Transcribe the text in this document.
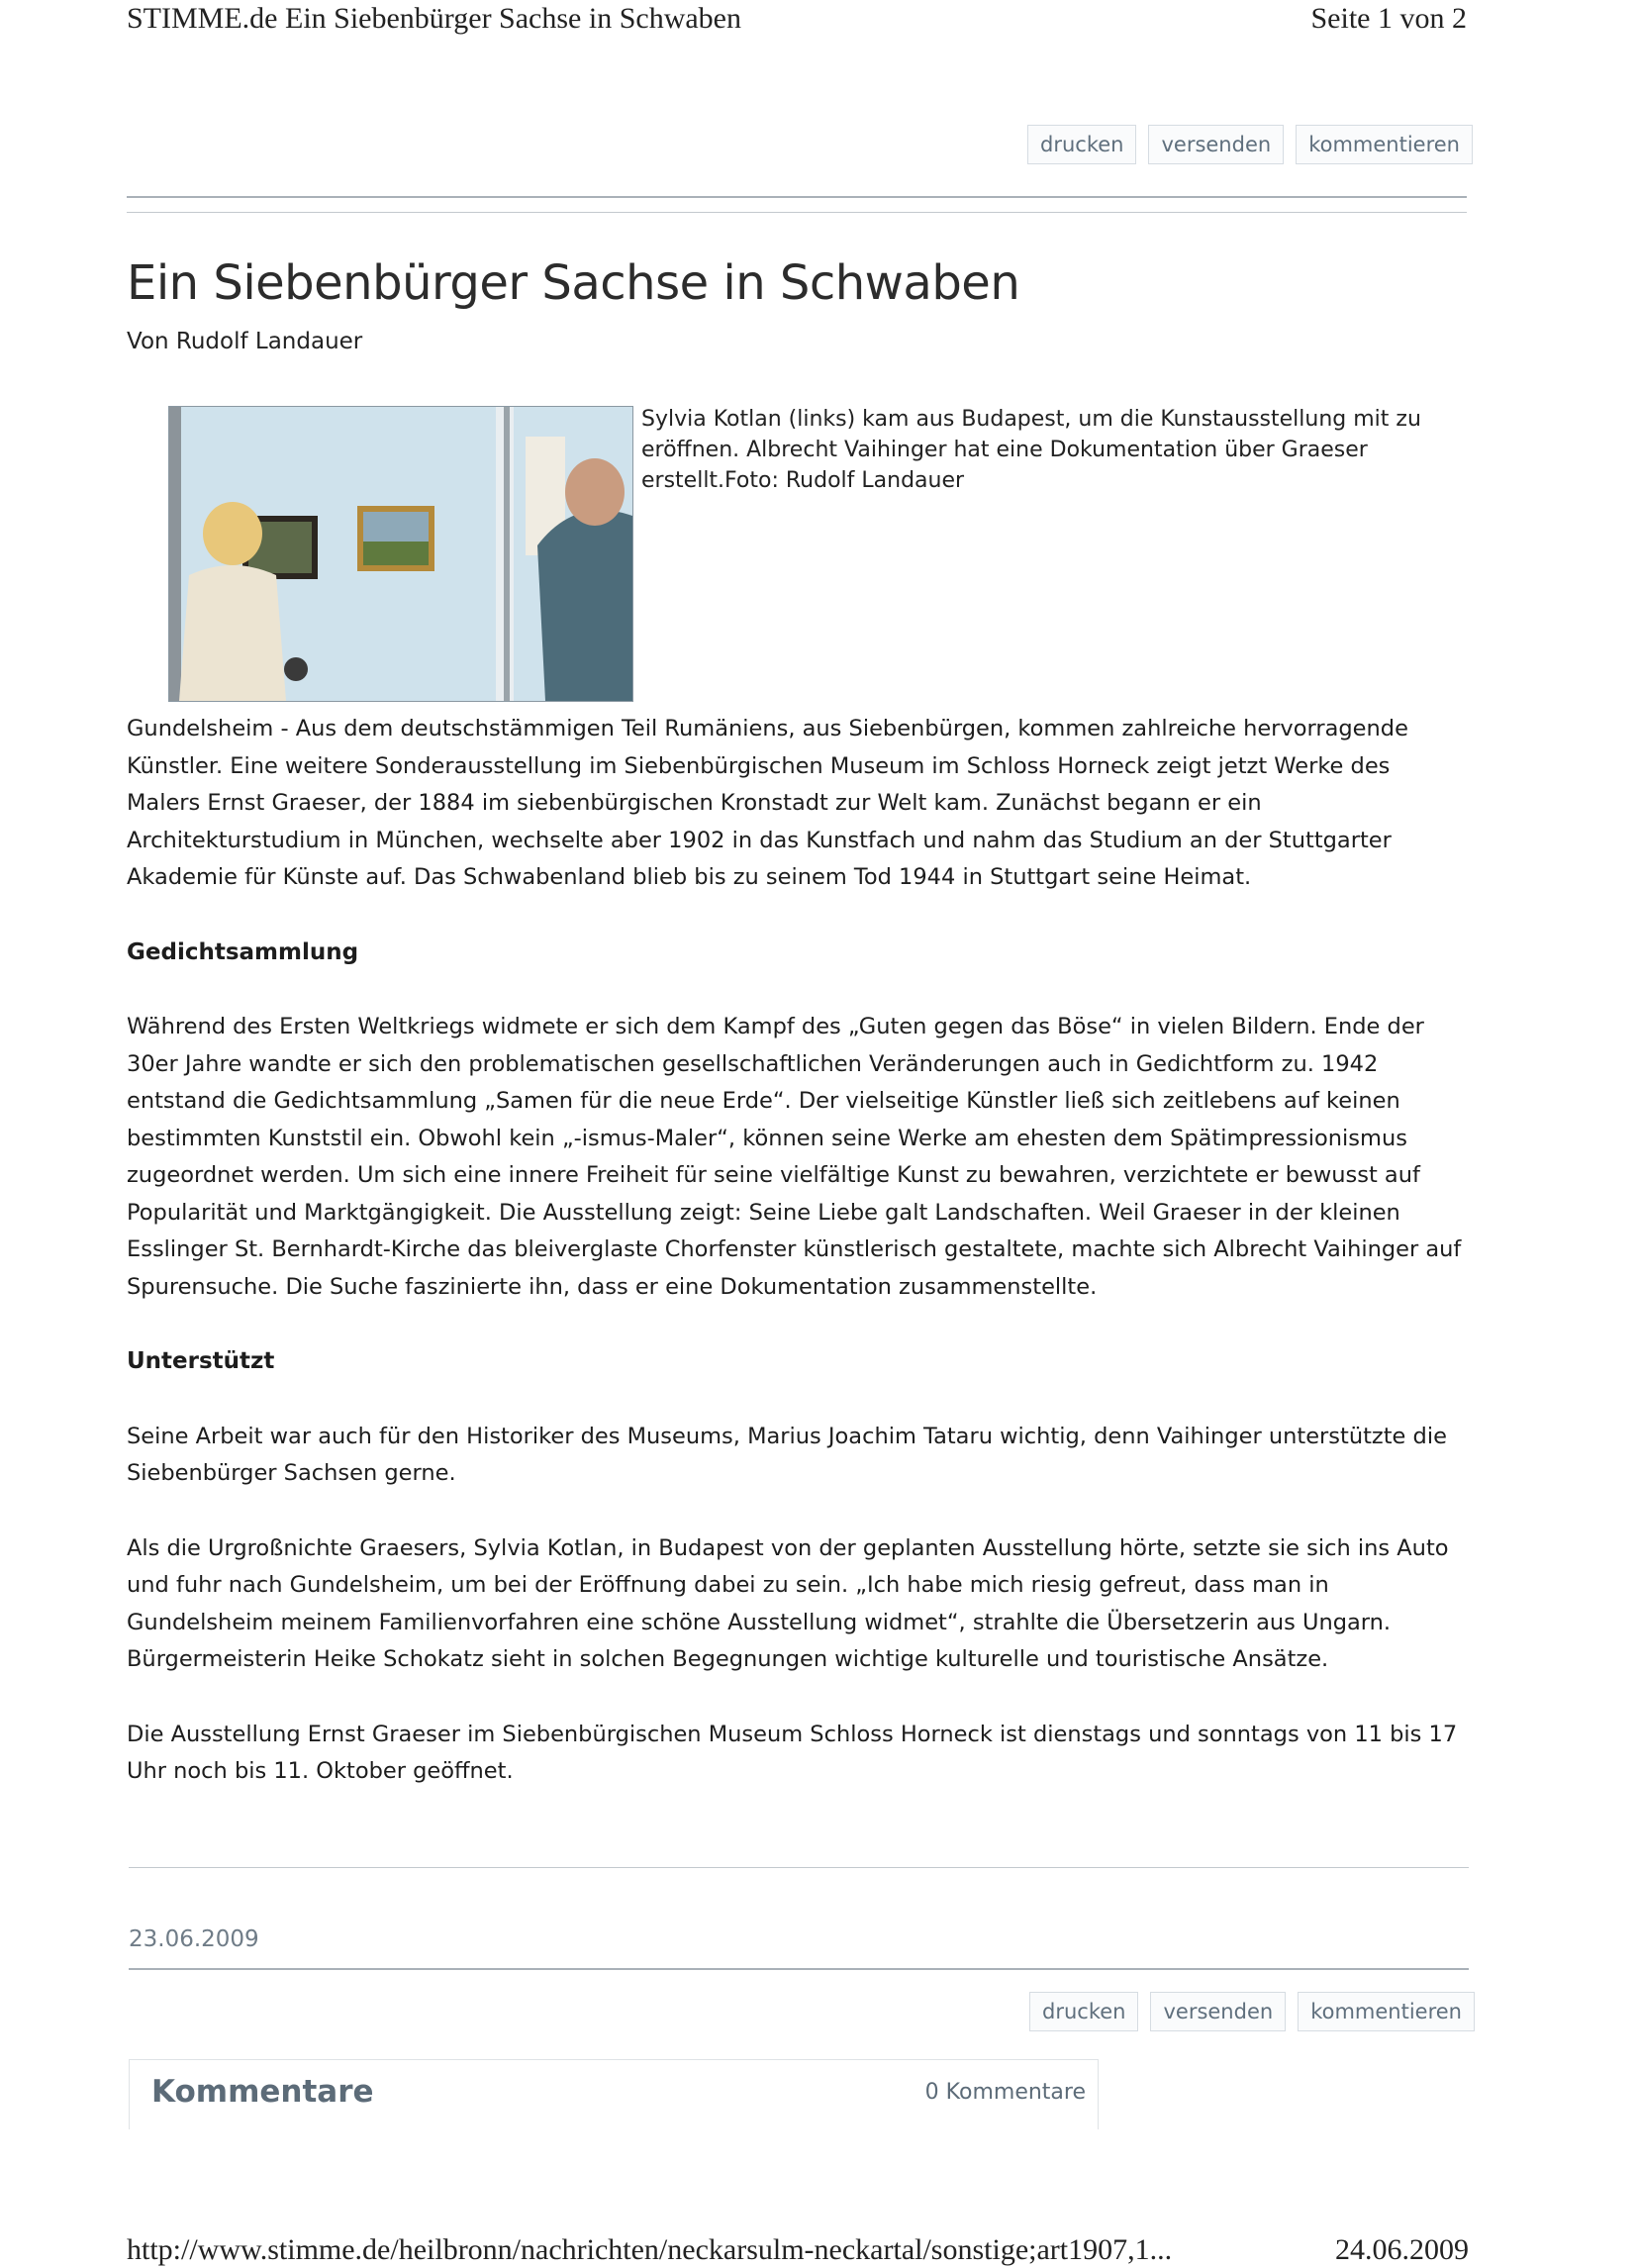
STIMME.de Ein Siebenbürger Sachse in Schwaben	Seite 1 von 2
drucken	versenden	kommentieren
Ein Siebenbürger Sachse in Schwaben
Von Rudolf Landauer
Sylvia Kotlan (links) kam aus Budapest, um die Kunstausstellung mit zu eröffnen. Albrecht Vaihinger hat eine Dokumentation über Graeser erstellt.Foto: Rudolf Landauer

Gundelsheim - Aus dem deutschstämmigen Teil Rumäniens, aus Siebenbürgen, kommen zahlreiche hervorragende Künstler. Eine weitere Sonderausstellung im Siebenbürgischen Museum im Schloss Horneck zeigt jetzt Werke des Malers Ernst Graeser, der 1884 im siebenbürgischen Kronstadt zur Welt kam. Zunächst begann er ein Architekturstudium in München, wechselte aber 1902 in das Kunstfach und nahm das Studium an der Stuttgarter Akademie für Künste auf. Das Schwabenland blieb bis zu seinem Tod 1944 in Stuttgart seine Heimat.

Gedichtsammlung

Während des Ersten Weltkriegs widmete er sich dem Kampf des „Guten gegen das Böse“ in vielen Bildern. Ende der 30er Jahre wandte er sich den problematischen gesellschaftlichen Veränderungen auch in Gedichtform zu. 1942 entstand die Gedichtsammlung „Samen für die neue Erde“. Der vielseitige Künstler ließ sich zeitlebens auf keinen bestimmten Kunststil ein. Obwohl kein „-ismus-Maler“, können seine Werke am ehesten dem Spätimpressionismus zugeordnet werden. Um sich eine innere Freiheit für seine vielfältige Kunst zu bewahren, verzichtete er bewusst auf Popularität und Marktgängigkeit. Die Ausstellung zeigt: Seine Liebe galt Landschaften. Weil Graeser in der kleinen Esslinger St. Bernhardt-Kirche das bleiverglaste Chorfenster künstlerisch gestaltete, machte sich Albrecht Vaihinger auf Spurensuche. Die Suche faszinierte ihn, dass er eine Dokumentation zusammenstellte.

Unterstützt

Seine Arbeit war auch für den Historiker des Museums, Marius Joachim Tataru wichtig, denn Vaihinger unterstützte die Siebenbürger Sachsen gerne.

Als die Urgroßnichte Graesers, Sylvia Kotlan, in Budapest von der geplanten Ausstellung hörte, setzte sie sich ins Auto und fuhr nach Gundelsheim, um bei der Eröffnung dabei zu sein. „Ich habe mich riesig gefreut, dass man in Gundelsheim meinem Familienvorfahren eine schöne Ausstellung widmet“, strahlte die Übersetzerin aus Ungarn. Bürgermeisterin Heike Schokatz sieht in solchen Begegnungen wichtige kulturelle und touristische Ansätze.

Die Ausstellung Ernst Graeser im Siebenbürgischen Museum Schloss Horneck ist dienstags und sonntags von 11 bis 17 Uhr noch bis 11. Oktober geöffnet.

23.06.2009
drucken	versenden	kommentieren
Kommentare	0 Kommentare
http://www.stimme.de/heilbronn/nachrichten/neckarsulm-neckartal/sonstige;art1907,1...	24.06.2009
